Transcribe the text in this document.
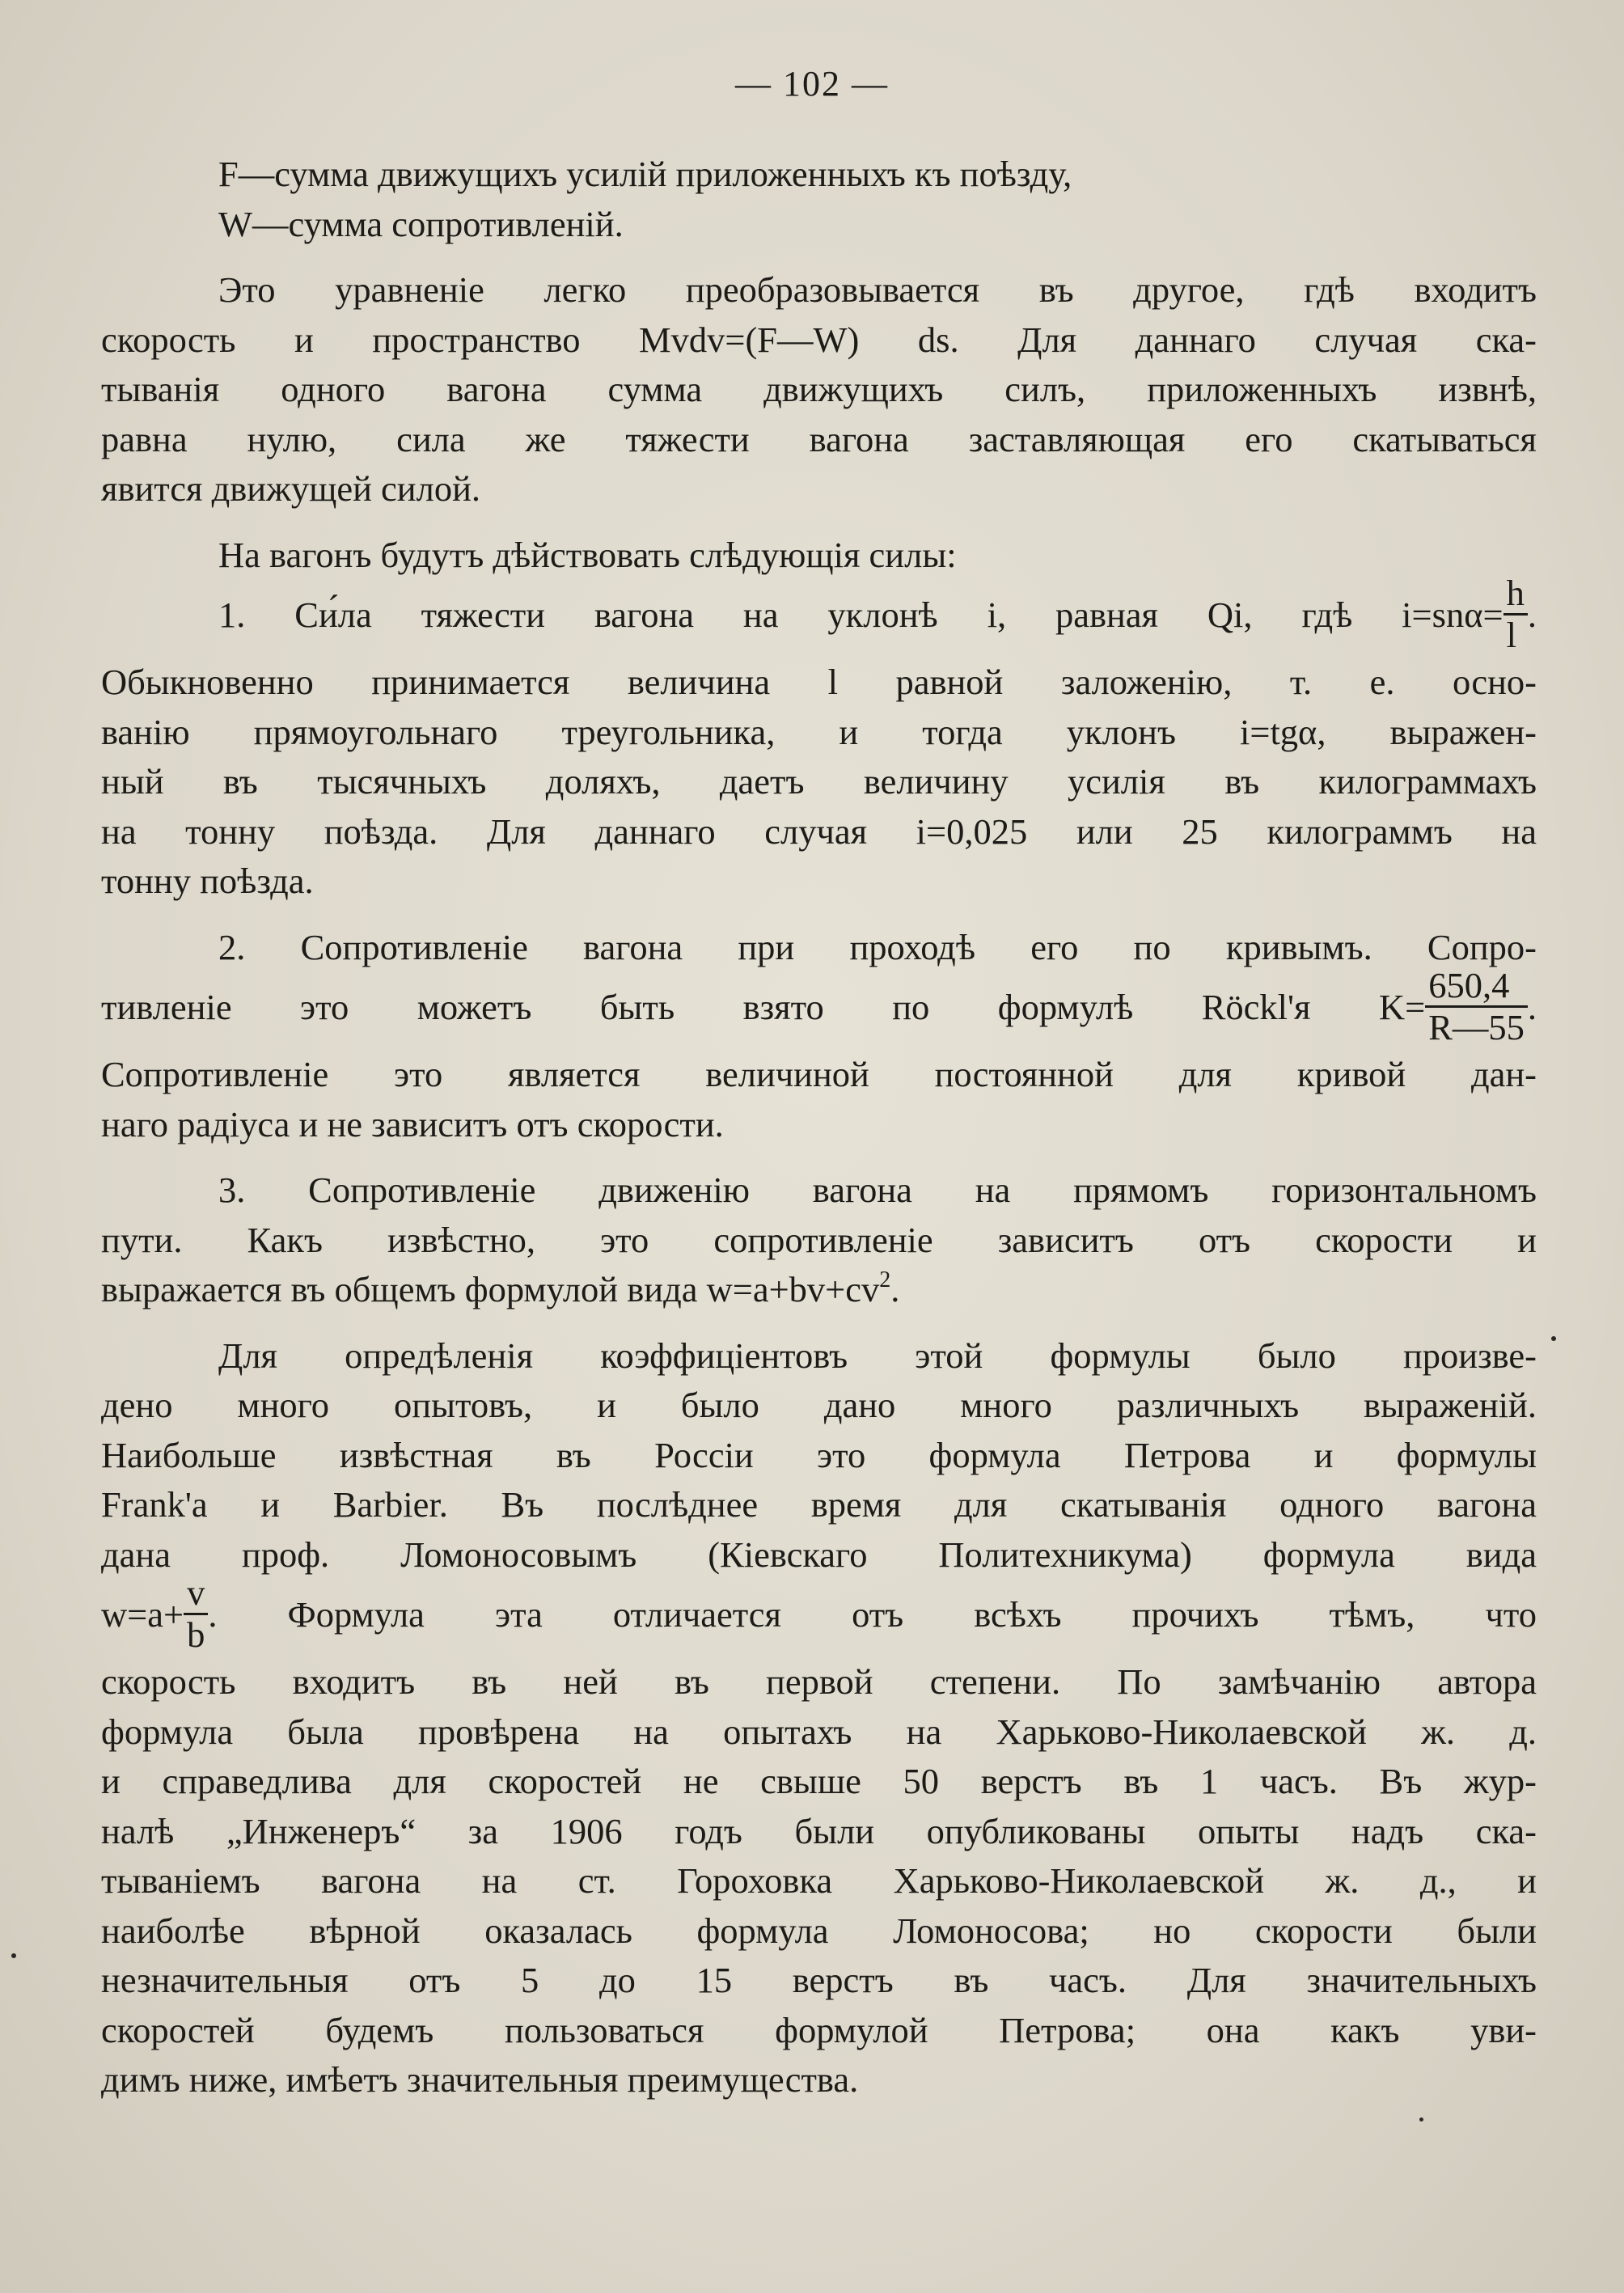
— 102 —
F—сумма движущихъ усилій приложенныхъ къ поѣзду,
W—сумма сопротивленій.
Это уравненіе легко преобразовывается въ другое, гдѣ входитъ
скорость и пространство Mvdv=(F—W) ds. Для даннаго случая ска-
тыванія одного вагона сумма движущихъ силъ, приложенныхъ извнѣ,
равна нулю, сила же тяжести вагона заставляющая его скатываться
явится движущей силой.
На вагонъ будутъ дѣйствовать слѣдующія силы:
1. Си́ла тяжести вагона на уклонѣ i, равная Qi, гдѣ $i=sn\alpha= \frac{h}{l}$ .
Обыкновенно принимается величина l равной заложенію, т. е. осно-
ванію прямоугольнаго треугольника, и тогда уклонъ i=tgα, выражен-
ный въ тысячныхъ доляхъ, даетъ величину усилія въ килограммахъ
на тонну поѣзда. Для даннаго случая i=0,025 или 25 килограммъ на
тонну поѣзда.
2. Сопротивленіе вагона при проходѣ его по кривымъ. Сопро-
тивленіе это можетъ быть взято по формулѣ Röckl'я $K= \frac{650,4}{R—55}$ .
Сопротивленіе это является величиной постоянной для кривой дан-
наго радіуса и не зависитъ отъ скорости.
3. Сопротивленіе движенію вагона на прямомъ горизонтальномъ
пути. Какъ извѣстно, это сопротивленіе зависитъ отъ скорости и
выражается въ общемъ формулой вида $w=a+bv+cv^2$.
Для опредѣленія коэффиціентовъ этой формулы было произве-
дено много опытовъ, и было дано много различныхъ выраженій.
Наибольше извѣстная въ Россіи это формула Петрова и формулы
Frank'a и Barbier. Въ послѣднее время для скатыванія одного вагона
дана проф. Ломоносовымъ (Кіевскаго Политехникума) формула вида
$w=a+ \frac{v}{b}$ . Формула эта отличается отъ всѣхъ прочихъ тѣмъ, что
скорость входитъ въ ней въ первой степени. По замѣчанію автора
формула была провѣрена на опытахъ на Харьково-Николаевской ж. д.
и справедлива для скоростей не свыше 50 верстъ въ 1 часъ. Въ жур-
налѣ „Инженеръ“ за 1906 годъ были опубликованы опыты надъ ска-
тываніемъ вагона на ст. Гороховка Харьково-Николаевской ж. д., и
наиболѣе вѣрной оказалась формула Ломоносова; но скорости были
незначительныя отъ 5 до 15 верстъ въ часъ. Для значительныхъ
скоростей будемъ пользоваться формулой Петрова; она какъ уви-
димъ ниже, имѣетъ значительныя преимущества.
